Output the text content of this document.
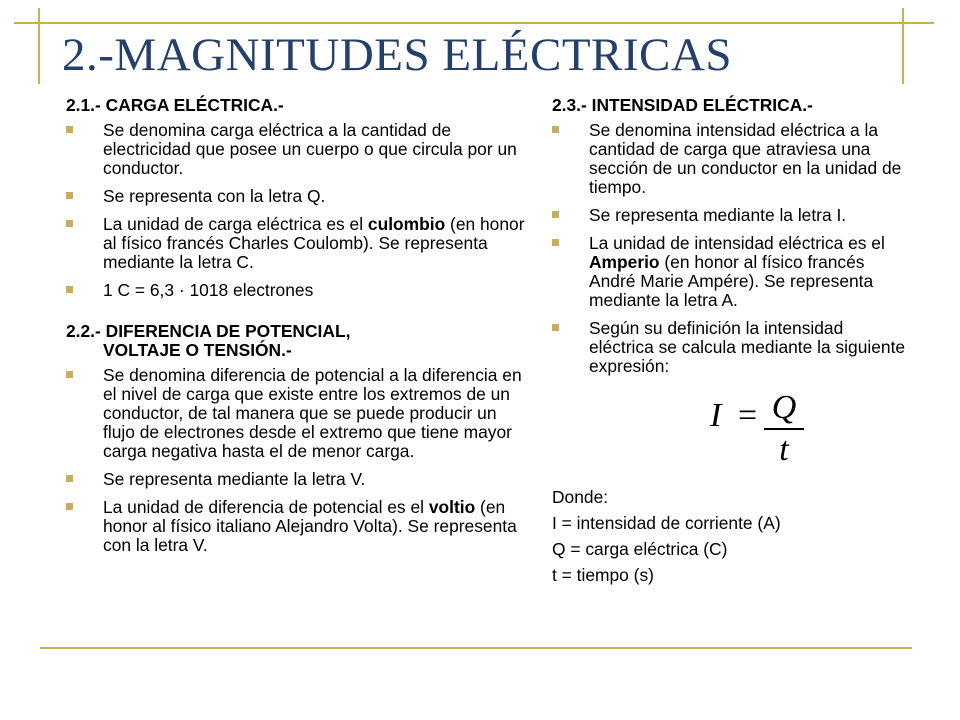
2.-MAGNITUDES ELÉCTRICAS
2.1.- CARGA ELÉCTRICA.-
Se denomina carga eléctrica a la cantidad de electricidad que posee un cuerpo o que circula por un conductor.
Se representa con la letra Q.
La unidad de carga eléctrica es el culombio (en honor al físico francés Charles Coulomb). Se representa mediante la letra C.
1 C = 6,3 · 1018 electrones
2.2.- DIFERENCIA DE POTENCIAL,
VOLTAJE O TENSIÓN.-
Se denomina diferencia de potencial a la diferencia en el nivel de carga que existe entre los extremos de un conductor, de tal manera que se puede producir un flujo de electrones desde el extremo que tiene mayor carga negativa hasta el de menor carga.
Se representa mediante la letra V.
La unidad de diferencia de potencial es el voltio (en honor al físico italiano Alejandro Volta). Se representa con la letra V.
2.3.- INTENSIDAD ELÉCTRICA.-
Se denomina intensidad eléctrica a la cantidad de carga que atraviesa una sección de un conductor en la unidad de tiempo.
Se representa mediante la letra I.
La unidad de intensidad eléctrica es el Amperio (en honor al físico francés André Marie Ampére). Se representa mediante la letra A.
Según su definición la intensidad eléctrica se calcula mediante la siguiente expresión:
I = Q
t

Donde:

I = intensidad de corriente (A)

Q = carga eléctrica (C)

t = tiempo (s)
